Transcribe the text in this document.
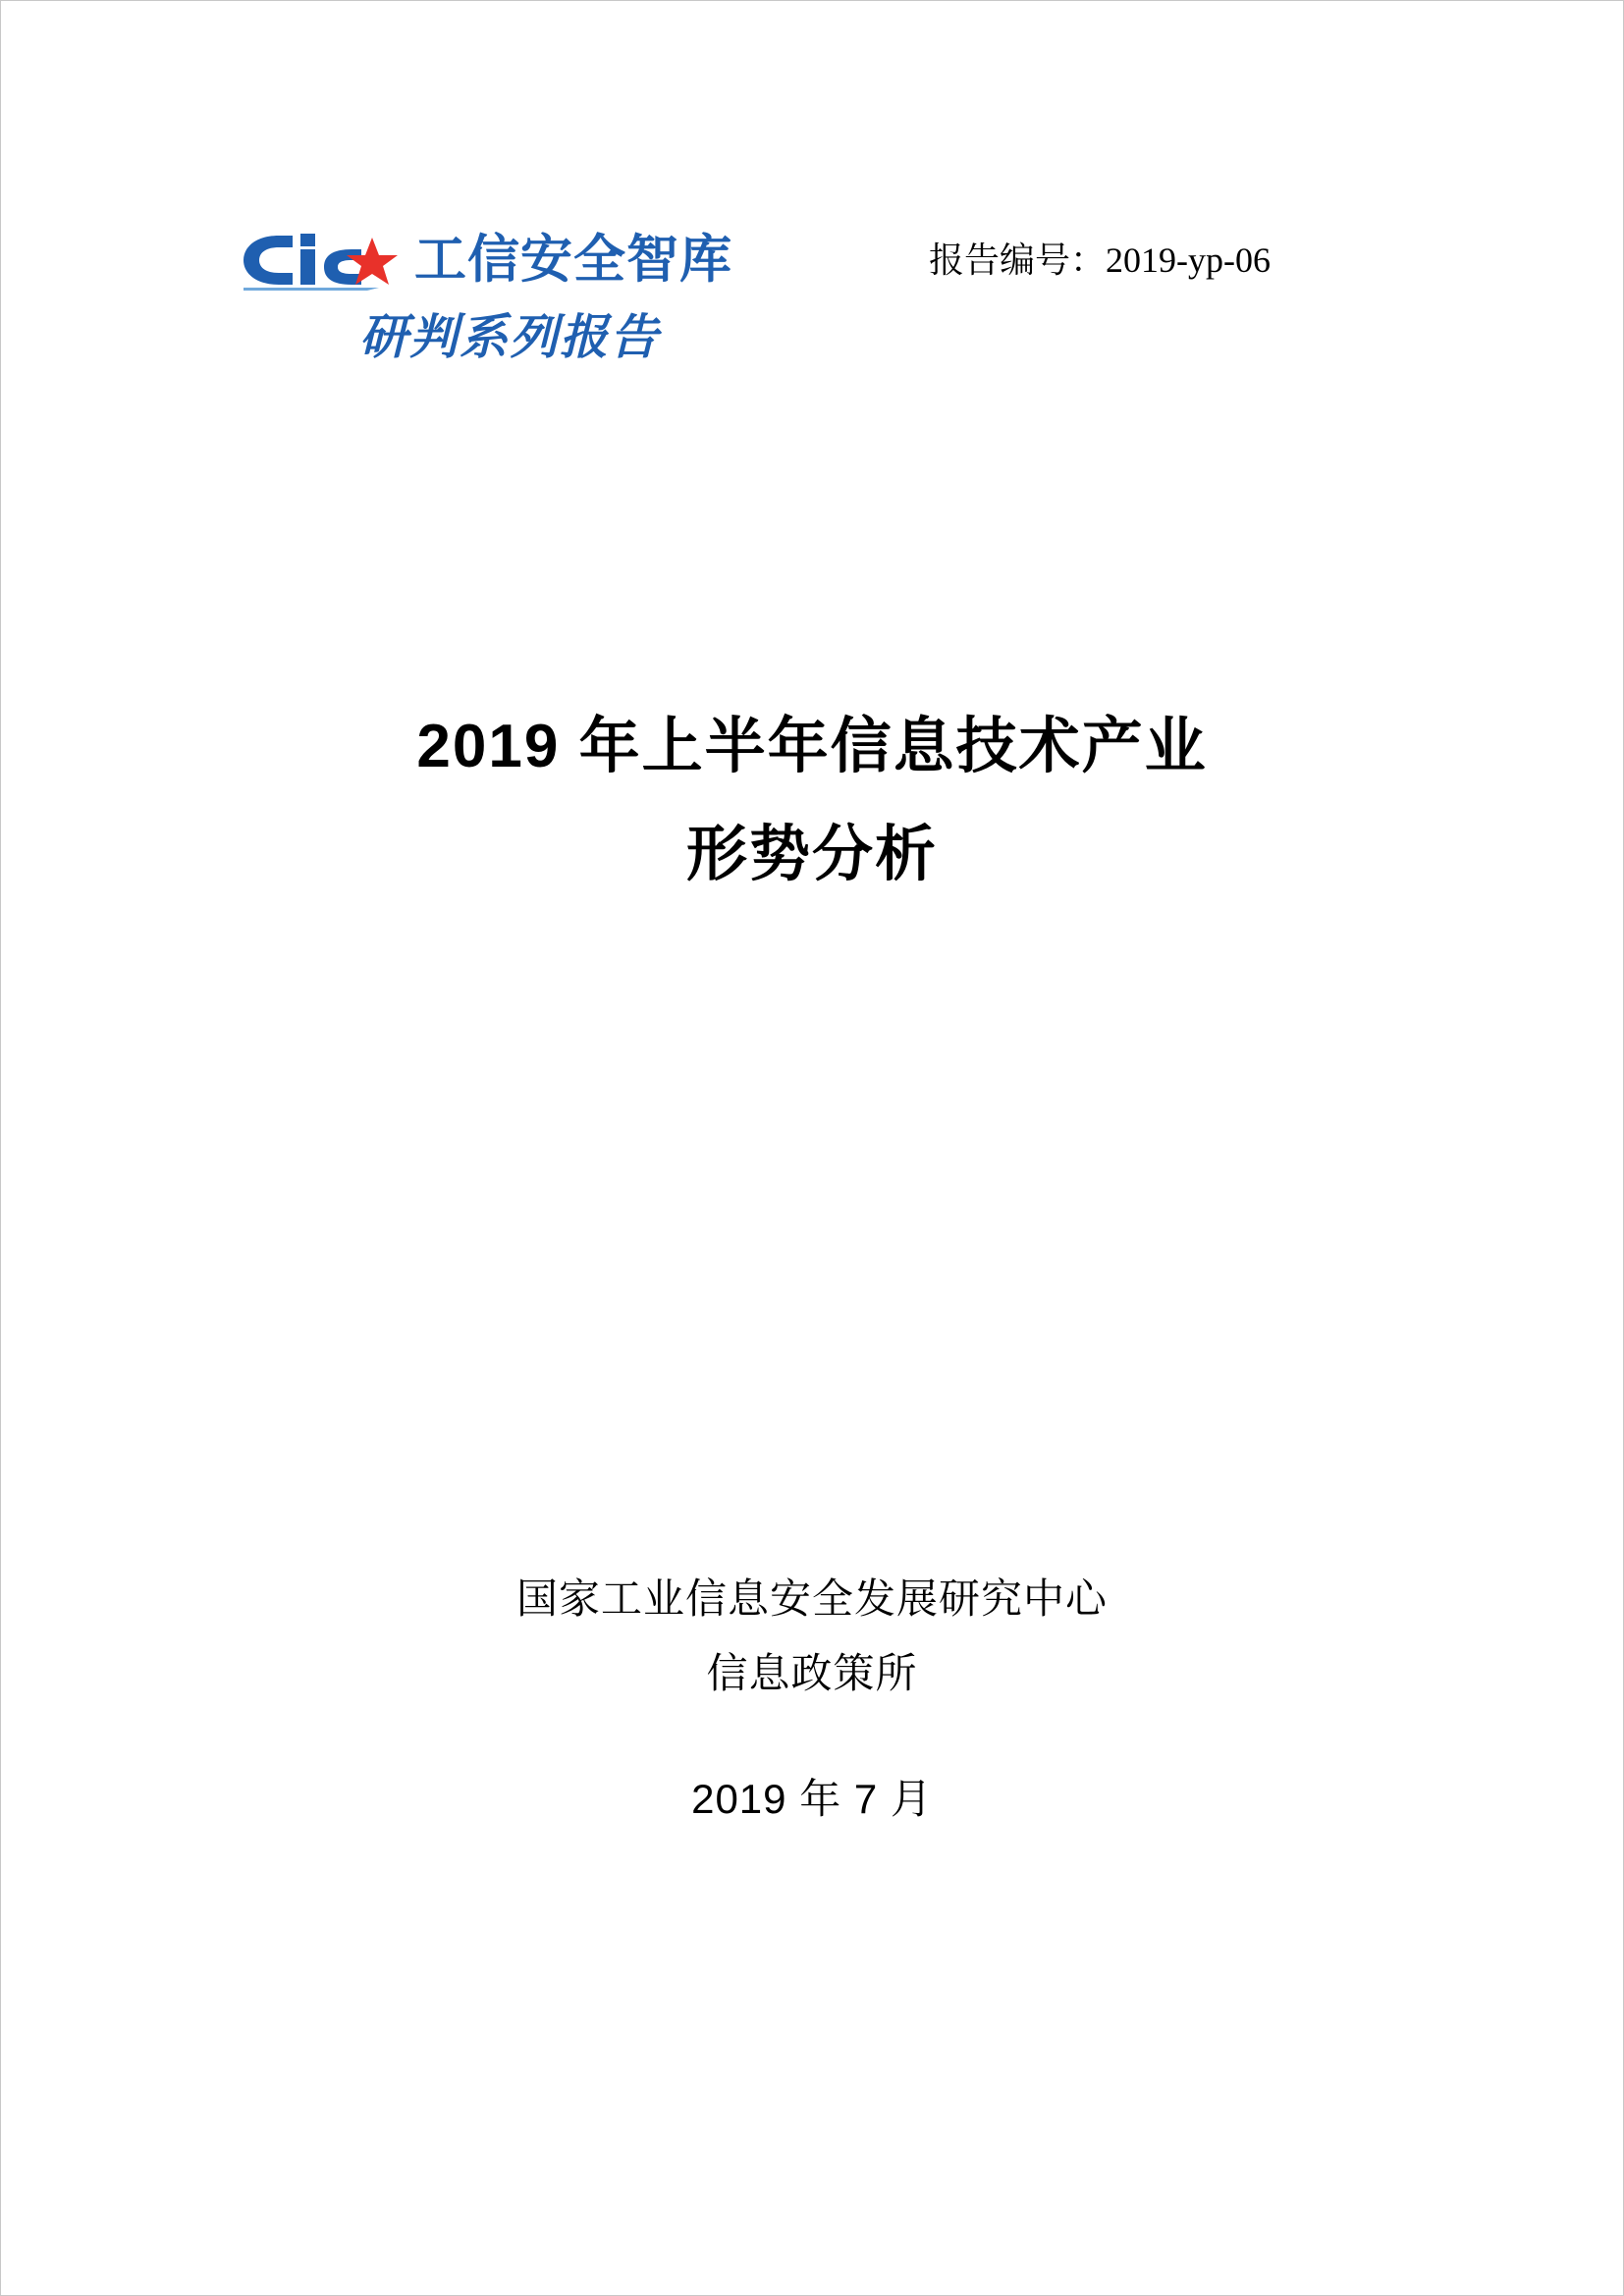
工信安全智库
研判系列报告
报告编号：2019-yp-06
2019 年上半年信息技术产业
形势分析
国家工业信息安全发展研究中心
信息政策所
2019 年 7 月
